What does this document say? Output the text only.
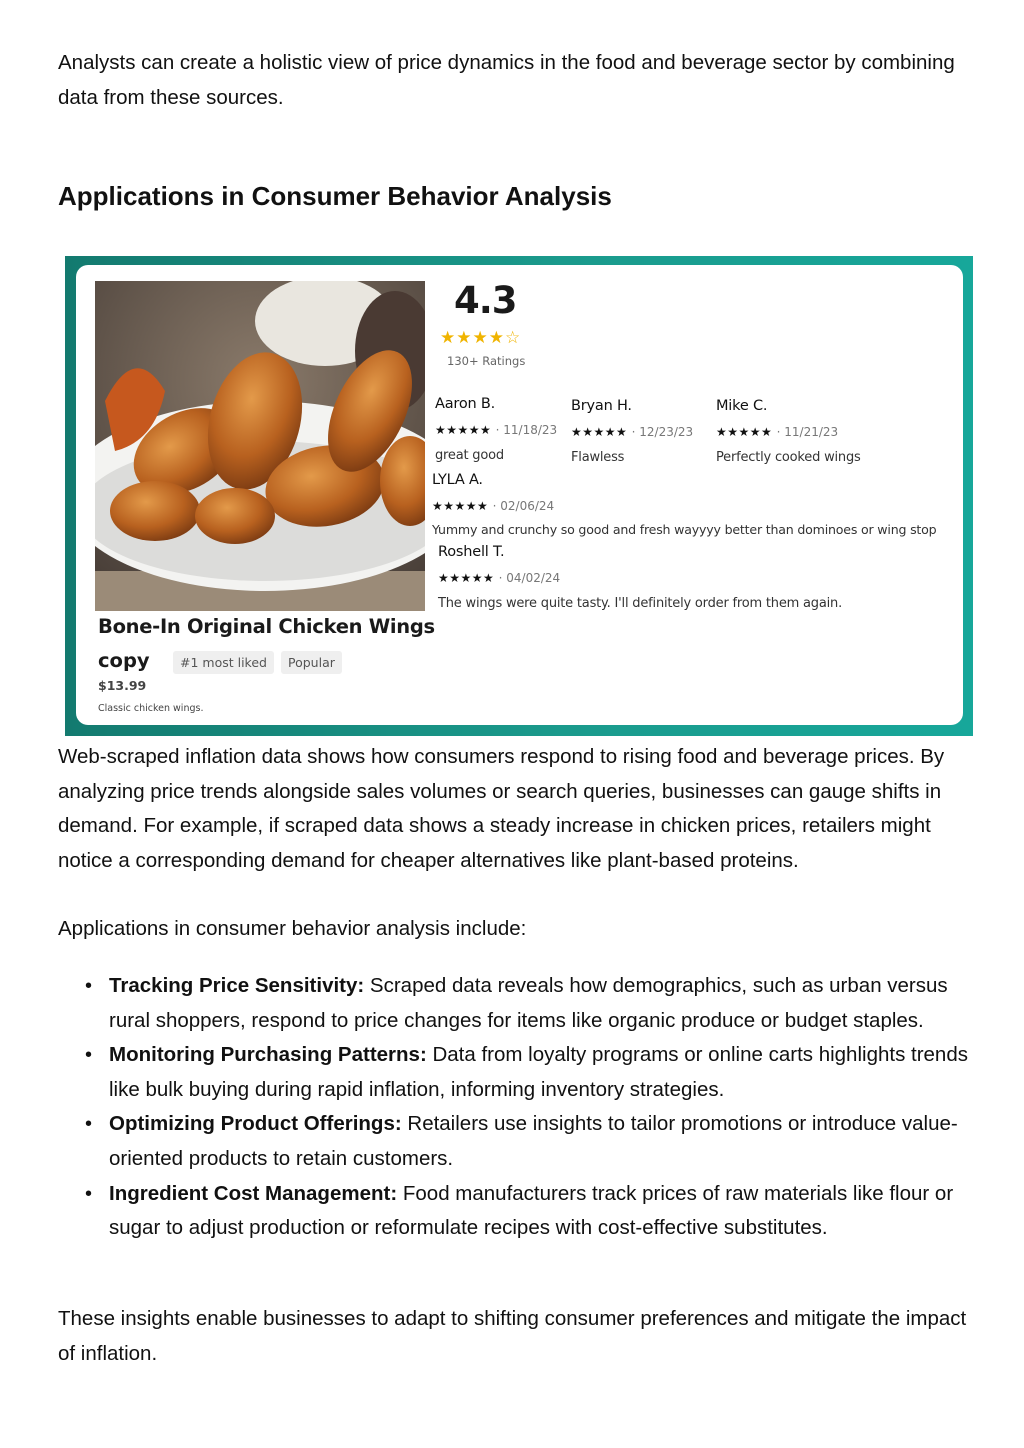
Analysts can create a holistic view of price dynamics in the food and beverage sector by combining data from these sources.

Applications in Consumer Behavior Analysis
Bone-In Original Chicken Wings
copy	#1 most liked	Popular
$13.99
Classic chicken wings.
4.3
★★★★☆
130+ Ratings
Aaron B.
★★★★★ · 11/18/23
great good
Bryan H.
★★★★★ · 12/23/23
Flawless
Mike C.
★★★★★ · 11/21/23
Perfectly cooked wings
LYLA A.
★★★★★ · 02/06/24
Yummy and crunchy so good and fresh wayyyy better than dominoes or wing stop
Roshell T.
★★★★★ · 04/02/24
The wings were quite tasty. I'll definitely order from them again.

Web-scraped inflation data shows how consumers respond to rising food and beverage prices. By analyzing price trends alongside sales volumes or search queries, businesses can gauge shifts in demand. For example, if scraped data shows a steady increase in chicken prices, retailers might notice a corresponding demand for cheaper alternatives like plant-based proteins.

Applications in consumer behavior analysis include:

• Tracking Price Sensitivity: Scraped data reveals how demographics, such as urban versus rural shoppers, respond to price changes for items like organic produce or budget staples.
• Monitoring Purchasing Patterns: Data from loyalty programs or online carts highlights trends like bulk buying during rapid inflation, informing inventory strategies.
• Optimizing Product Offerings: Retailers use insights to tailor promotions or introduce value-oriented products to retain customers.
• Ingredient Cost Management: Food manufacturers track prices of raw materials like flour or sugar to adjust production or reformulate recipes with cost-effective substitutes.

These insights enable businesses to adapt to shifting consumer preferences and mitigate the impact of inflation.
